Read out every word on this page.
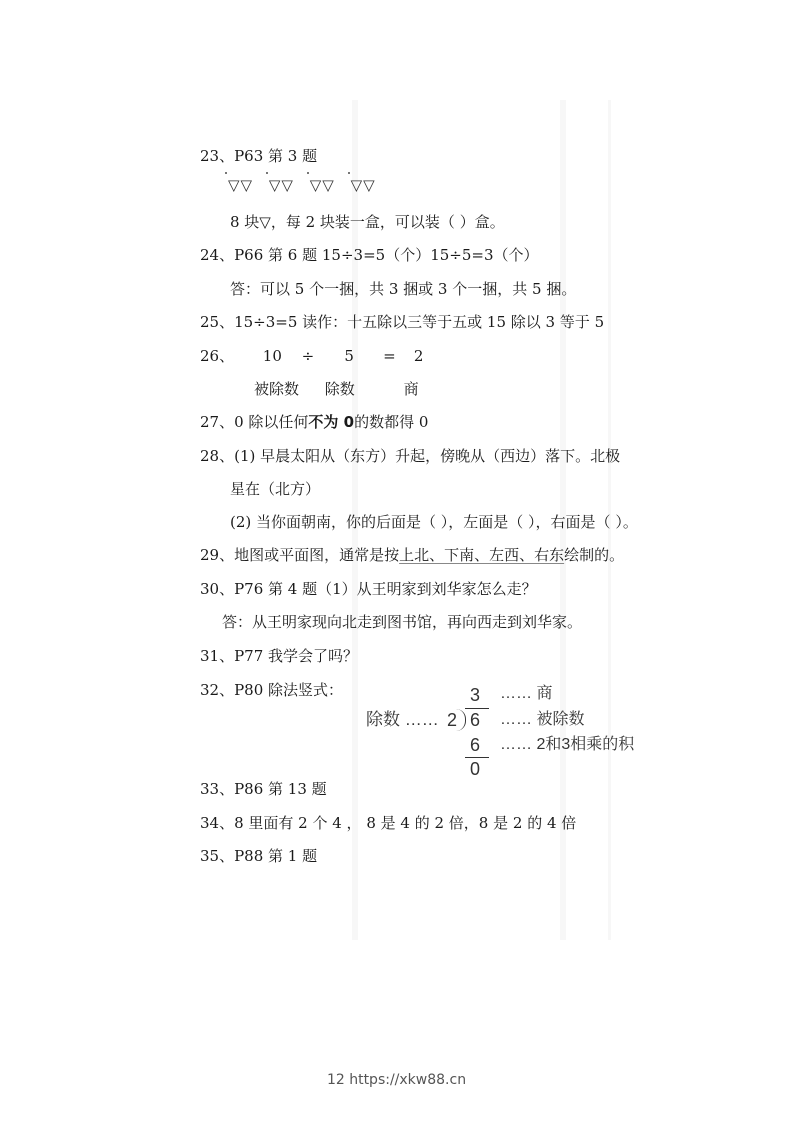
23、P63 第 3 题
▽▽ ▽▽ ▽▽ ▽▽
8 块▽，每 2 块装一盒，可以装（ ）盒。
24、P66 第 6 题 15÷3=5（个）15÷5=3（个）
答：可以 5 个一捆，共 3 捆或 3 个一捆，共 5 捆。
25、15÷3=5 读作：十五除以三等于五或 15 除以 3 等于 5
26、 10 ÷ 5 = 2
被除数 除数	商
27、0 除以任何不为 0的数都得 0
28、(1) 早晨太阳从（东方）升起，傍晚从（西边）落下。北极
星在（北方）
(2) 当你面朝南，你的后面是（ ），左面是（ ），右面是（ ）。
29、地图或平面图，通常是按上北、下南、左西、右东绘制的。
30、P76 第 4 题（1）从王明家到刘华家怎么走？
答：从王明家现向北走到图书馆，再向西走到刘华家。
31、P77 我学会了吗？
32、P80 除法竖式：
除数 …… 2
3
6
6
0
…… 商
…… 被除数
…… 2和3相乘的积
33、P86 第 13 题
34、8 里面有 2 个 4 ， 8 是 4 的 2 倍，8 是 2 的 4 倍
35、P88 第 1 题
12 https://xkw88.cn
